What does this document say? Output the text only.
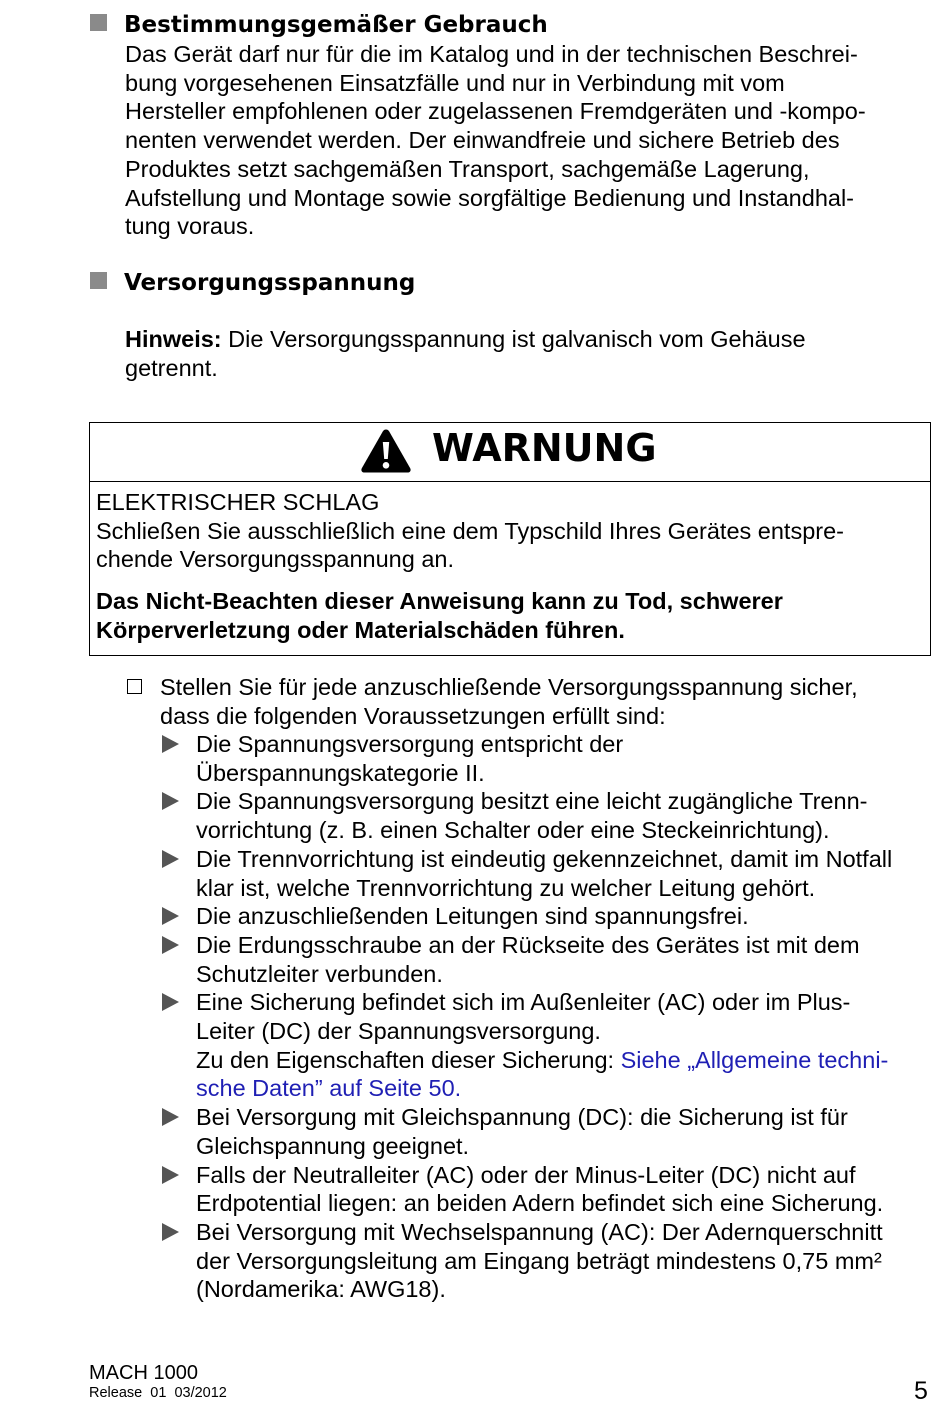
Bestimmungsgemäßer Gebrauch
Das Gerät darf nur für die im Katalog und in der technischen Beschrei-
bung vorgesehenen Einsatzfälle und nur in Verbindung mit vom
Hersteller empfohlenen oder zugelassenen Fremdgeräten und -kompo-
nenten verwendet werden. Der einwandfreie und sichere Betrieb des
Produktes setzt sachgemäßen Transport, sachgemäße Lagerung,
Aufstellung und Montage sowie sorgfältige Bedienung und Instandhal-
tung voraus.
Versorgungsspannung
Hinweis: Die Versorgungsspannung ist galvanisch vom Gehäuse
getrennt.
WARNUNG
ELEKTRISCHER SCHLAG
Schließen Sie ausschließlich eine dem Typschild Ihres Gerätes entspre-
chende Versorgungsspannung an.
Das Nicht-Beachten dieser Anweisung kann zu Tod, schwerer
Körperverletzung oder Materialschäden führen.
Stellen Sie für jede anzuschließende Versorgungsspannung sicher,
dass die folgenden Voraussetzungen erfüllt sind:
Die Spannungsversorgung entspricht der
Überspannungskategorie II.
Die Spannungsversorgung besitzt eine leicht zugängliche Trenn-
vorrichtung (z. B. einen Schalter oder eine Steckeinrichtung).
Die Trennvorrichtung ist eindeutig gekennzeichnet, damit im Notfall
klar ist, welche Trennvorrichtung zu welcher Leitung gehört.
Die anzuschließenden Leitungen sind spannungsfrei.
Die Erdungsschraube an der Rückseite des Gerätes ist mit dem
Schutzleiter verbunden.
Eine Sicherung befindet sich im Außenleiter (AC) oder im Plus-
Leiter (DC) der Spannungsversorgung.
Zu den Eigenschaften dieser Sicherung: Siehe „Allgemeine techni-
sche Daten” auf Seite 50.
Bei Versorgung mit Gleichspannung (DC): die Sicherung ist für
Gleichspannung geeignet.
Falls der Neutralleiter (AC) oder der Minus-Leiter (DC) nicht auf
Erdpotential liegen: an beiden Adern befindet sich eine Sicherung.
Bei Versorgung mit Wechselspannung (AC): Der Adernquerschnitt
der Versorgungsleitung am Eingang beträgt mindestens 0,75 mm²
(Nordamerika: AWG18).
MACH 1000
Release  01  03/2012	5
